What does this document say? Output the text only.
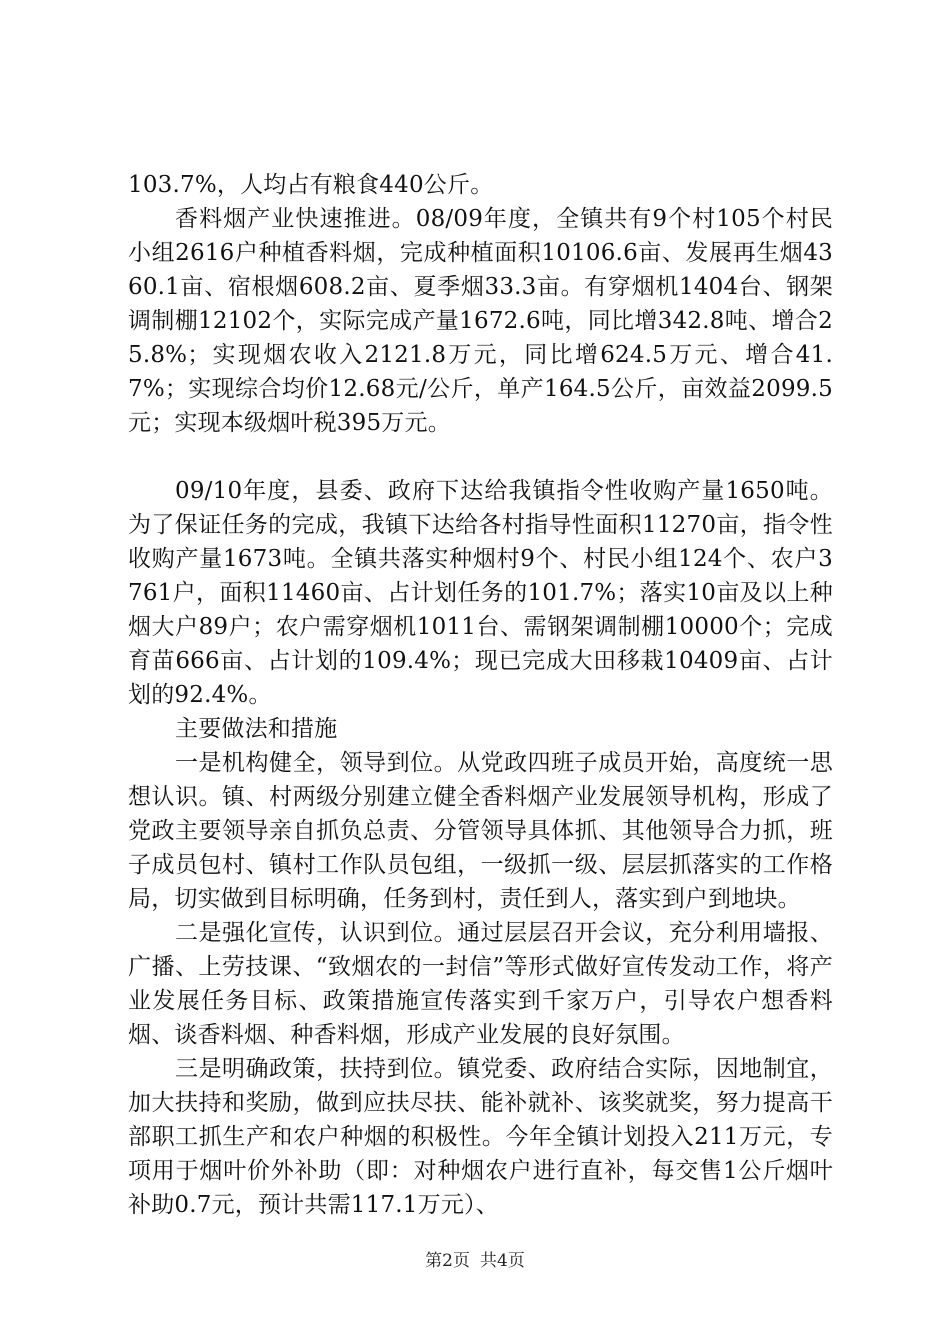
103.7%，人均占有粮食440公斤。

香料烟产业快速推进。08/09年度，全镇共有9个村105个村民小组2616户种植香料烟，完成种植面积10106.6亩、发展再生烟4360.1亩、宿根烟608.2亩、夏季烟33.3亩。有穿烟机1404台、钢架调制棚12102个，实际完成产量1672.6吨，同比增342.8吨、增合25.8%；实现烟农收入2121.8万元，同比增624.5万元、增合41.7%；实现综合均价12.68元/公斤，单产164.5公斤，亩效益2099.5元；实现本级烟叶税395万元。

09/10年度，县委、政府下达给我镇指令性收购产量1650吨。为了保证任务的完成，我镇下达给各村指导性面积11270亩，指令性收购产量1673吨。全镇共落实种烟村9个、村民小组124个、农户3761户，面积11460亩、占计划任务的101.7%；落实10亩及以上种烟大户89户；农户需穿烟机1011台、需钢架调制棚10000个；完成育苗666亩、占计划的109.4%；现已完成大田移栽10409亩、占计划的92.4%。

主要做法和措施

一是机构健全，领导到位。从党政四班子成员开始，高度统一思想认识。镇、村两级分别建立健全香料烟产业发展领导机构，形成了党政主要领导亲自抓负总责、分管领导具体抓、其他领导合力抓，班子成员包村、镇村工作队员包组，一级抓一级、层层抓落实的工作格局，切实做到目标明确，任务到村，责任到人，落实到户到地块。

二是强化宣传，认识到位。通过层层召开会议，充分利用墙报、广播、上劳技课、“致烟农的一封信”等形式做好宣传发动工作，将产业发展任务目标、政策措施宣传落实到千家万户，引导农户想香料烟、谈香料烟、种香料烟，形成产业发展的良好氛围。

三是明确政策，扶持到位。镇党委、政府结合实际，因地制宜，加大扶持和奖励，做到应扶尽扶、能补就补、该奖就奖，努力提高干部职工抓生产和农户种烟的积极性。今年全镇计划投入211万元，专项用于烟叶价外补助（即：对种烟农户进行直补，每交售1公斤烟叶补助0.7元，预计共需117.1万元）、

第2页 共4页
